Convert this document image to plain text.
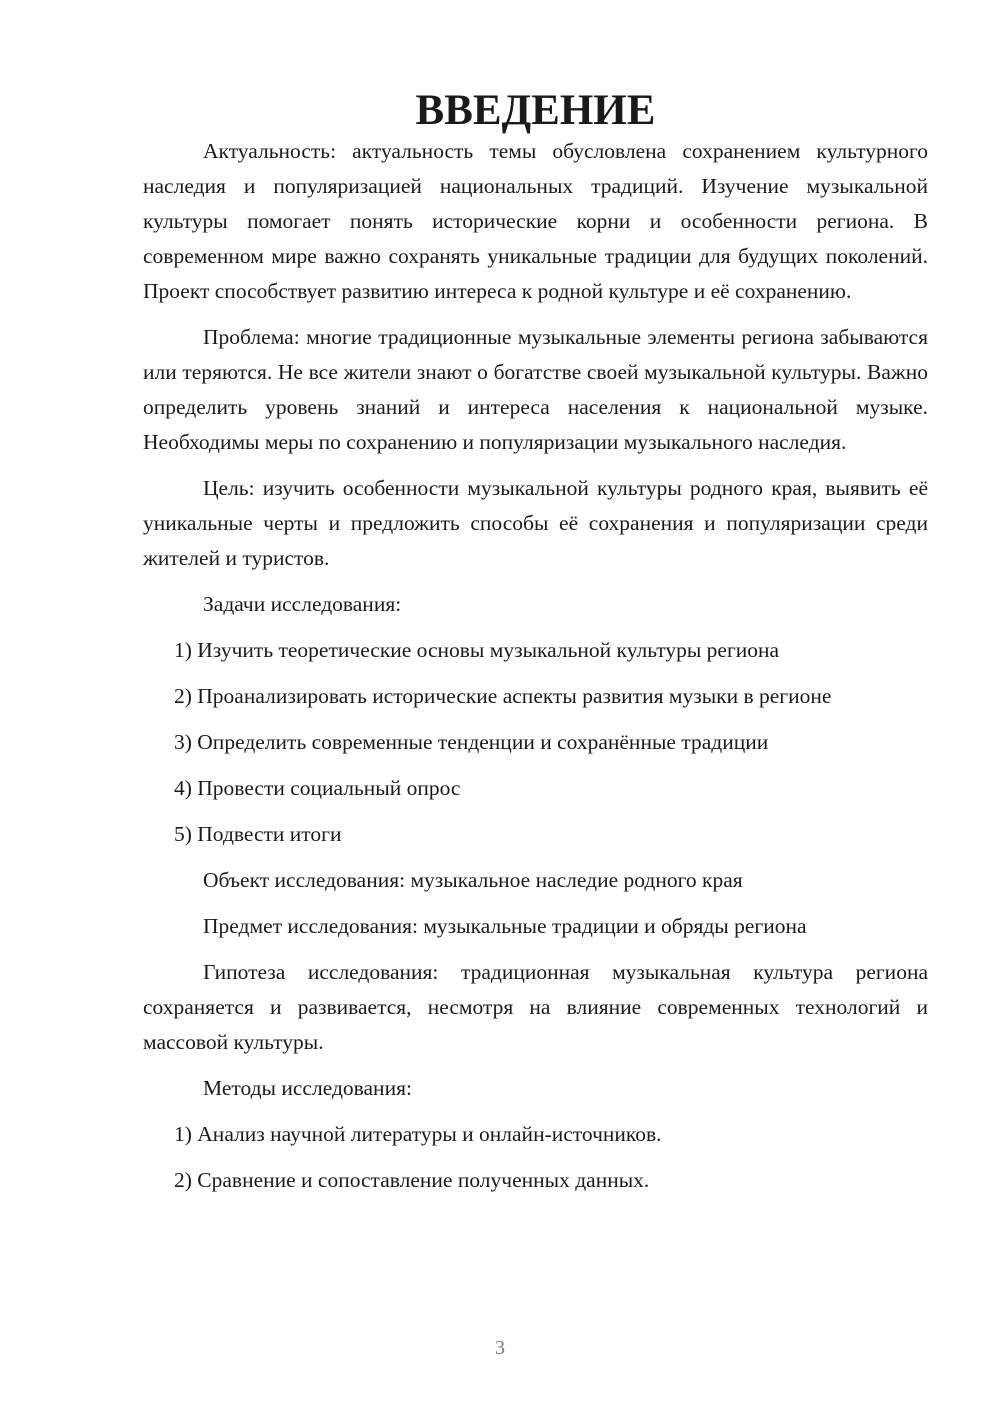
ВВЕДЕНИЕ

Актуальность: актуальность темы обусловлена сохранением культурного наследия и популяризацией национальных традиций. Изучение музыкальной культуры помогает понять исторические корни и особенности региона. В современном мире важно сохранять уникальные традиции для будущих поколений. Проект способствует развитию интереса к родной культуре и её сохранению.

Проблема: многие традиционные музыкальные элементы региона забываются или теряются. Не все жители знают о богатстве своей музыкальной культуры. Важно определить уровень знаний и интереса населения к национальной музыке. Необходимы меры по сохранению и популяризации музыкального наследия.

Цель: изучить особенности музыкальной культуры родного края, выявить её уникальные черты и предложить способы её сохранения и популяризации среди жителей и туристов.

Задачи исследования:

1) Изучить теоретические основы музыкальной культуры региона

2) Проанализировать исторические аспекты развития музыки в регионе

3) Определить современные тенденции и сохранённые традиции

4) Провести социальный опрос

5) Подвести итоги

Объект исследования: музыкальное наследие родного края

Предмет исследования: музыкальные традиции и обряды региона

Гипотеза исследования: традиционная музыкальная культура региона сохраняется и развивается, несмотря на влияние современных технологий и массовой культуры.

Методы исследования:

1) Анализ научной литературы и онлайн-источников.

2) Сравнение и сопоставление полученных данных.

3
